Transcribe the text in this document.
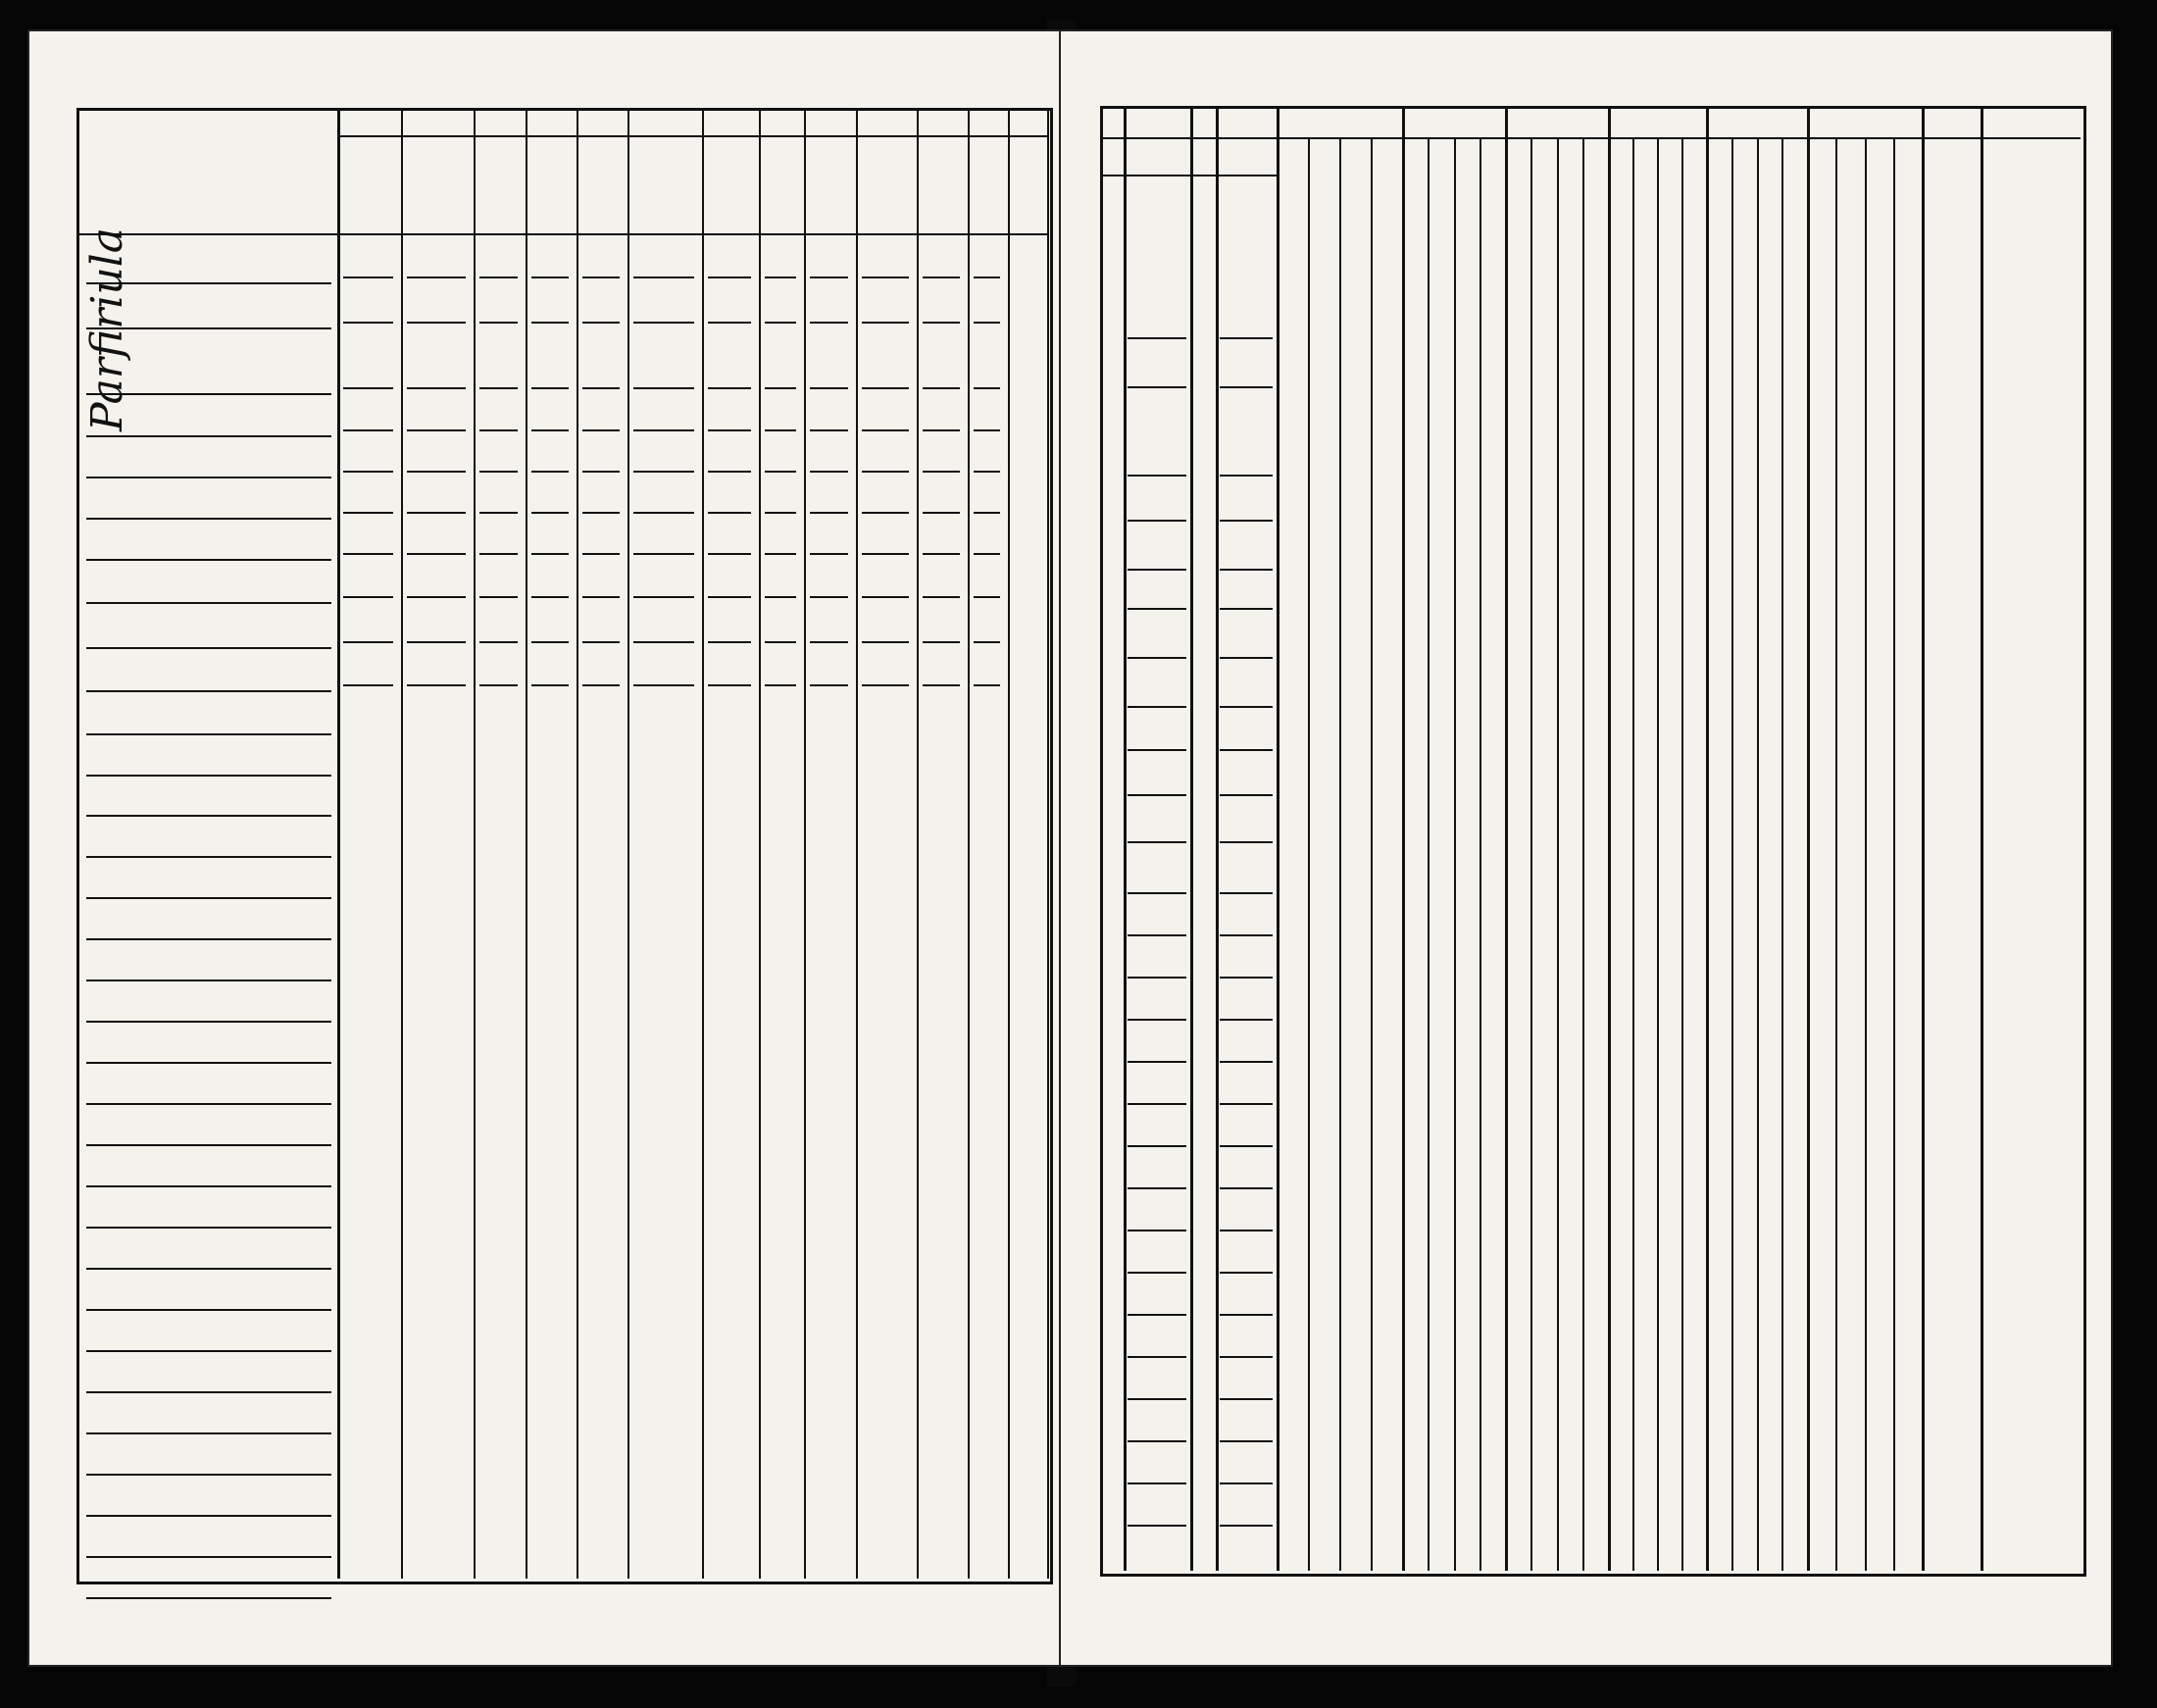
Parfiriula
